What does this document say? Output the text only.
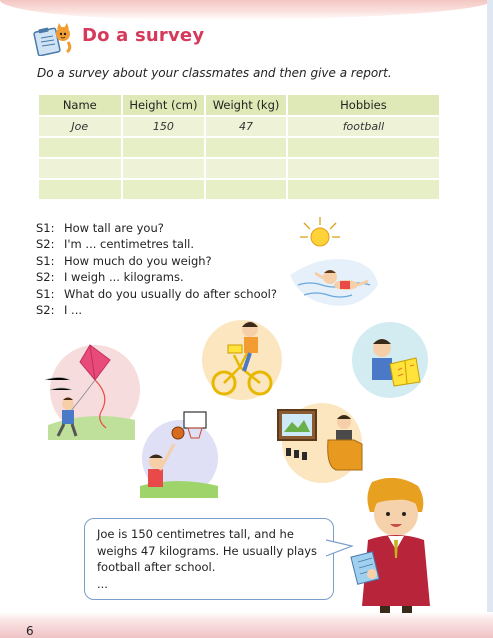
Do a survey
Do a survey about your classmates and then give a report.
Name	Height (cm)	Weight (kg)	Hobbies
Joe	150	47	football

S1: How tall are you?
S2: I'm ... centimetres tall.
S1: How much do you weigh?
S2: I weigh ... kilograms.
S1: What do you usually do after school?
S2: I ...
Joe is 150 centimetres tall, and he weighs 47 kilograms. He usually plays football after school.
...
6
